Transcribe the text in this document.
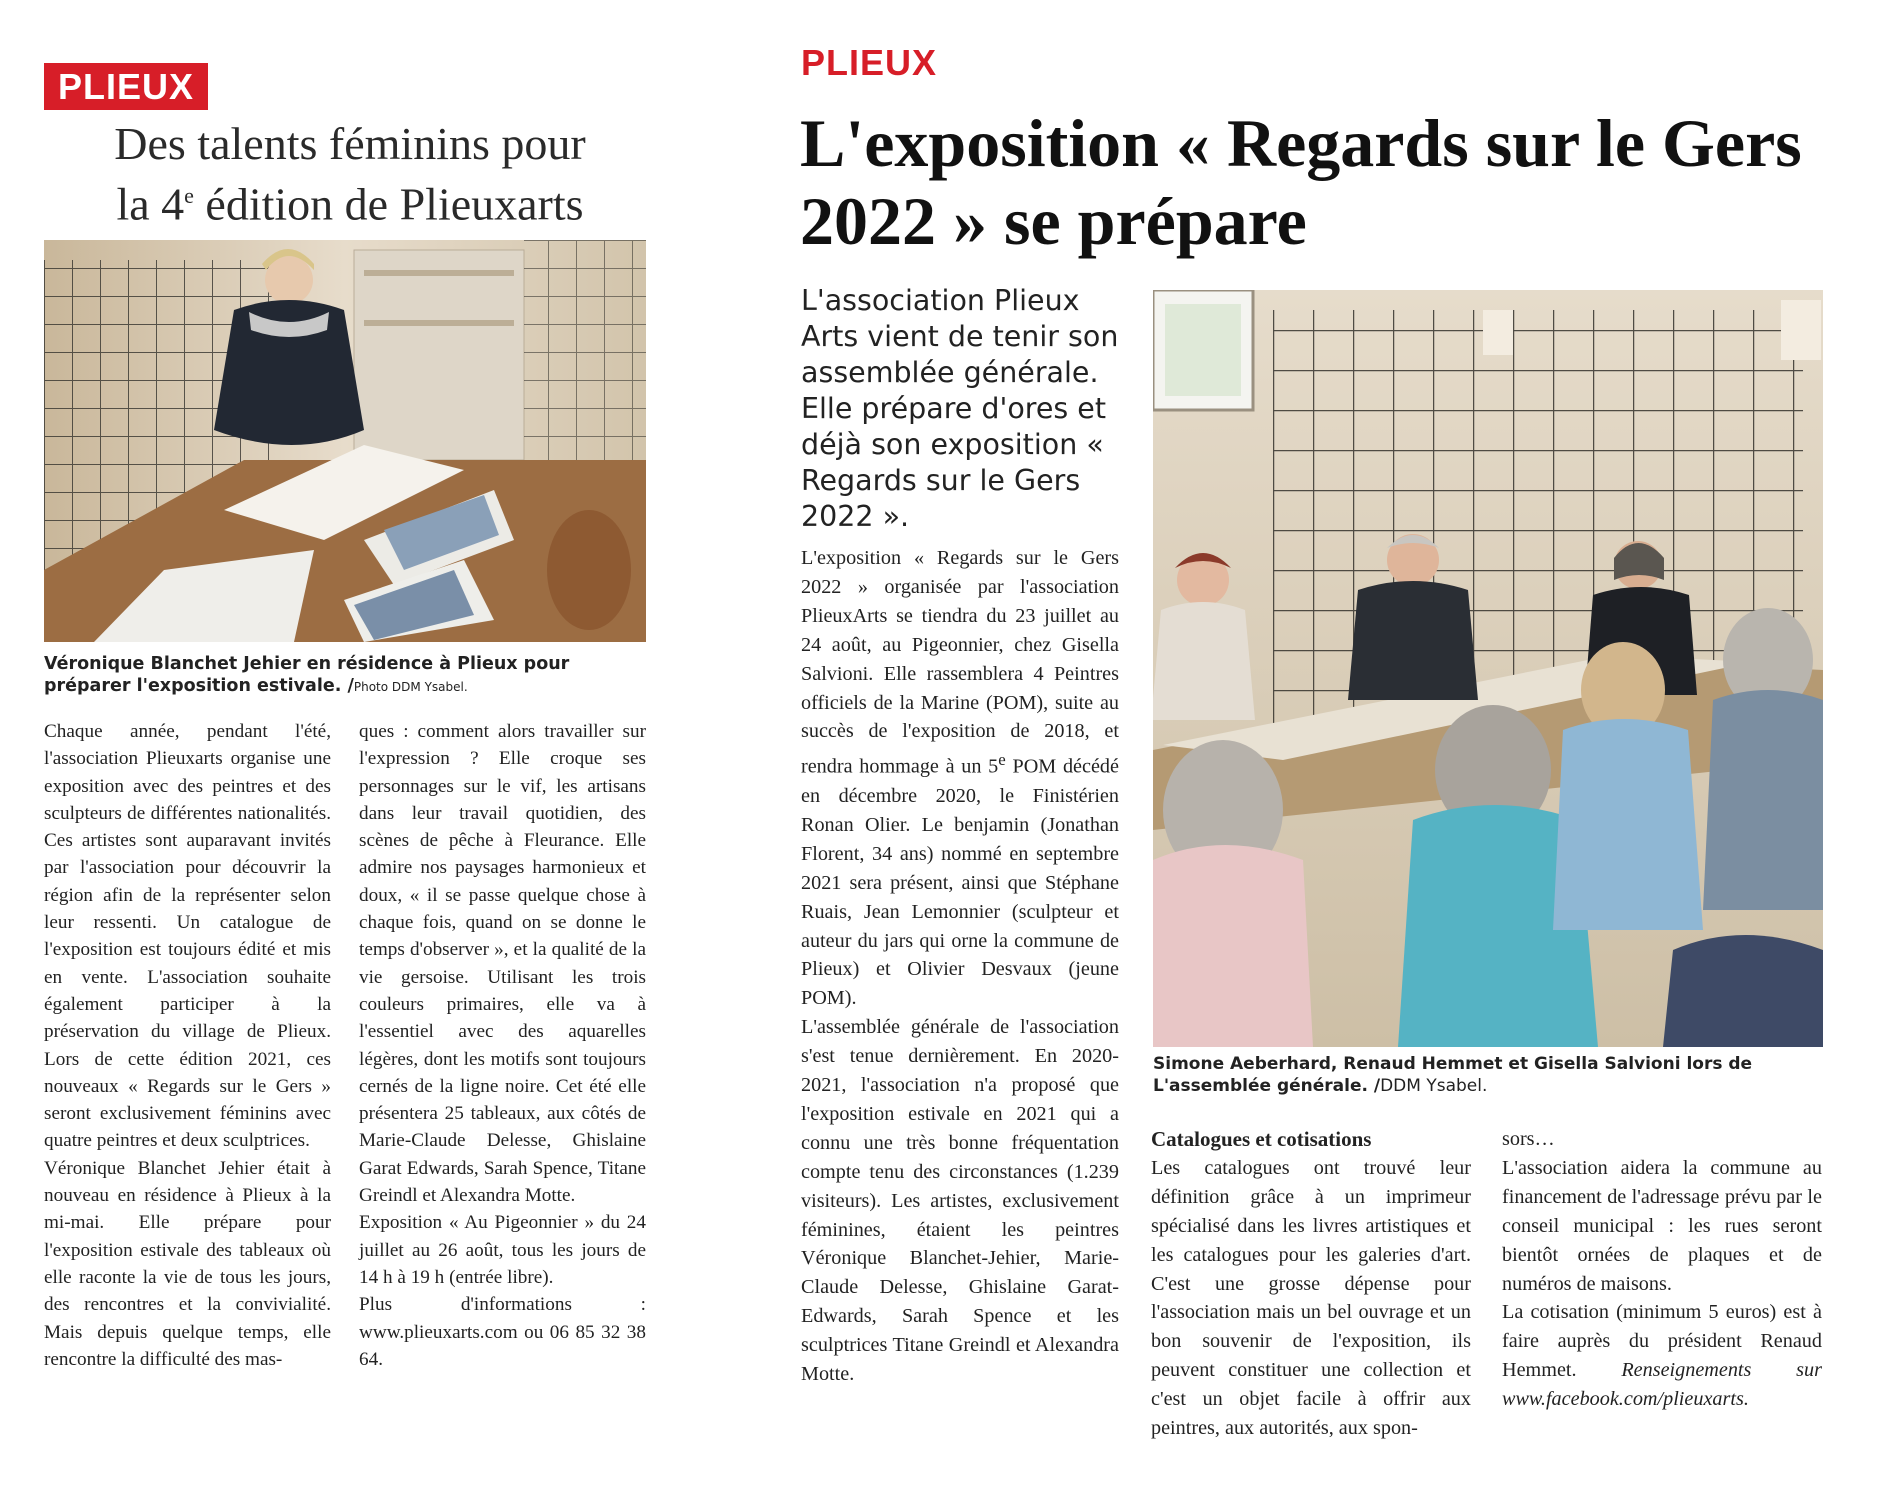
PLIEUX
Des talents féminins pour
la 4e édition de Plieuxarts
Véronique Blanchet Jehier en résidence à Plieux pour préparer l'exposition estivale. /Photo DDM Ysabel.

Chaque année, pendant l'été, l'association Plieuxarts organise une exposition avec des peintres et des sculpteurs de différentes nationalités. Ces artistes sont auparavant invités par l'association pour découvrir la région afin de la représenter selon leur ressenti. Un catalogue de l'exposition est toujours édité et mis en vente. L'association souhaite également participer à la préservation du village de Plieux. Lors de cette édition 2021, ces nouveaux « Regards sur le Gers » seront exclusivement féminins avec quatre peintres et deux sculptrices.

Véronique Blanchet Jehier était à nouveau en résidence à Plieux à la mi-mai. Elle prépare pour l'exposition estivale des tableaux où elle raconte la vie de tous les jours, des rencontres et la convivialité. Mais depuis quelque temps, elle rencontre la difficulté des mas-

ques : comment alors travailler sur l'expression ? Elle croque ses personnages sur le vif, les artisans dans leur travail quotidien, des scènes de pêche à Fleurance. Elle admire nos paysages harmonieux et doux, « il se passe quelque chose à chaque fois, quand on se donne le temps d'observer », et la qualité de la vie gersoise. Utilisant les trois couleurs primaires, elle va à l'essentiel avec des aquarelles légères, dont les motifs sont toujours cernés de la ligne noire. Cet été elle présentera 25 tableaux, aux côtés de Marie-Claude Delesse, Ghislaine Garat Edwards, Sarah Spence, Titane Greindl et Alexandra Motte.

Exposition « Au Pigeonnier » du 24 juillet au 26 août, tous les jours de 14 h à 19 h (entrée libre).

Plus d'informations : www.plieuxarts.com ou 06 85 32 38 64.

PLIEUX
L'exposition « Regards sur le Gers 2022 » se prépare
L'association Plieux Arts vient de tenir son assemblée générale. Elle prépare d'ores et déjà son exposition « Regards sur le Gers 2022 ».
Simone Aeberhard, Renaud Hemmet et Gisella Salvioni lors de L'assemblée générale. /DDM Ysabel.

L'exposition « Regards sur le Gers 2022 » organisée par l'association PlieuxArts se tiendra du 23 juillet au 24 août, au Pigeonnier, chez Gisella Salvioni. Elle rassemblera 4 Peintres officiels de la Marine (POM), suite au succès de l'exposition de 2018, et rendra hommage à un 5e POM décédé en décembre 2020, le Finistérien Ronan Olier. Le benjamin (Jonathan Florent, 34 ans) nommé en septembre 2021 sera présent, ainsi que Stéphane Ruais, Jean Lemonnier (sculpteur et auteur du jars qui orne la commune de Plieux) et Olivier Desvaux (jeune POM).

L'assemblée générale de l'association s'est tenue dernièrement. En 2020-2021, l'association n'a proposé que l'exposition estivale en 2021 qui a connu une très bonne fréquentation compte tenu des circonstances (1.239 visiteurs). Les artistes, exclusivement féminines, étaient les peintres Véronique Blanchet-Jehier, Marie-Claude Delesse, Ghislaine Garat-Edwards, Sarah Spence et les sculptrices Titane Greindl et Alexandra Motte.

Catalogues et cotisations

Les catalogues ont trouvé leur définition grâce à un imprimeur spécialisé dans les livres artistiques et les catalogues pour les galeries d'art. C'est une grosse dépense pour l'association mais un bel ouvrage et un bon souvenir de l'exposition, ils peuvent constituer une collection et c'est un objet facile à offrir aux peintres, aux autorités, aux spon-

sors…

L'association aidera la commune au financement de l'adressage prévu par le conseil municipal : les rues seront bientôt ornées de plaques et de numéros de maisons.

La cotisation (minimum 5 euros) est à faire auprès du président Renaud Hemmet. Renseignements sur www.facebook.com/plieuxarts.
